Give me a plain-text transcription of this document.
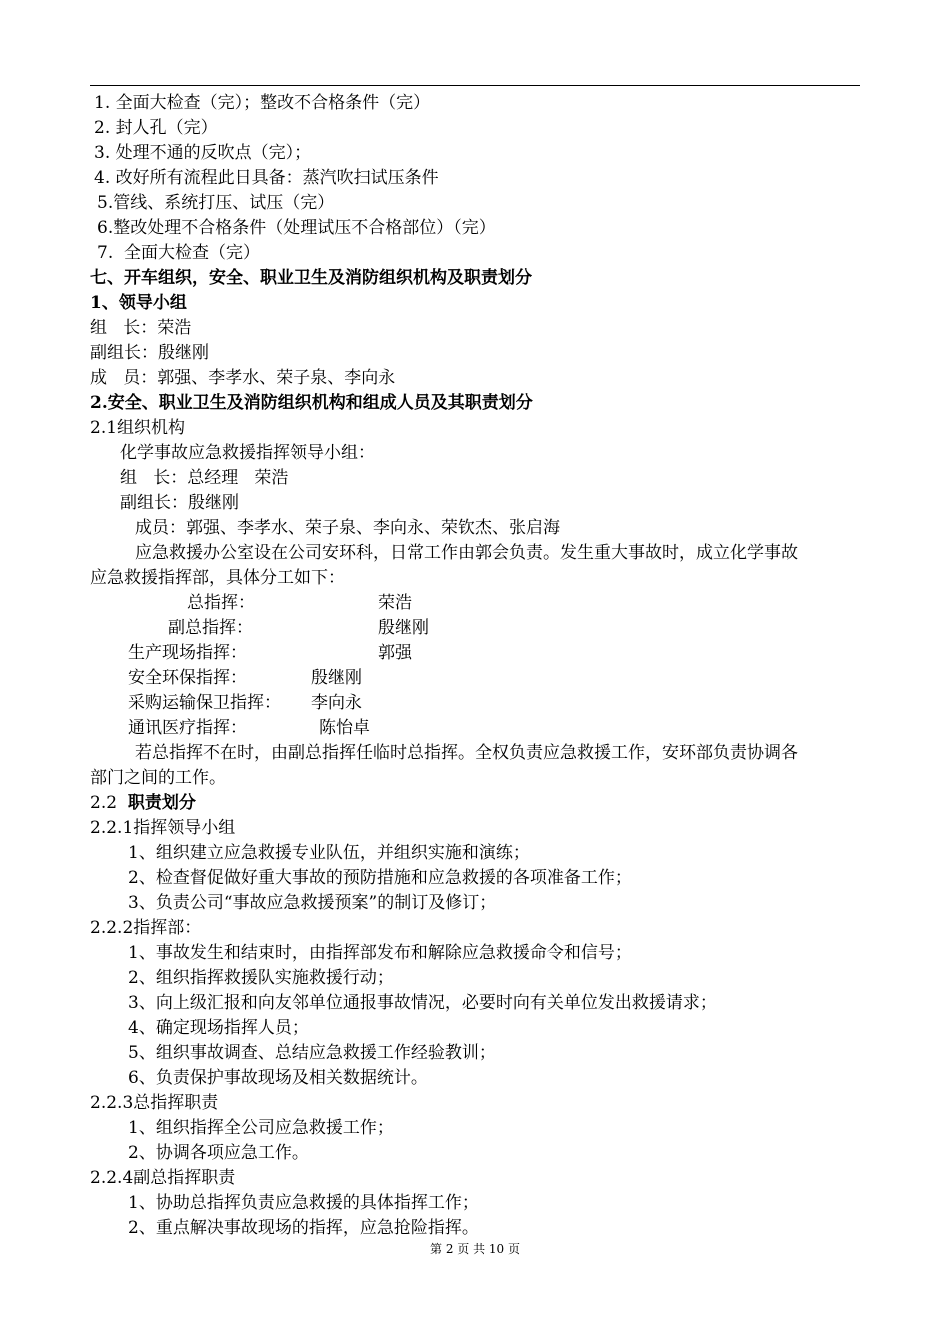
1. 全面大检查（完）；整改不合格条件（完）
2. 封人孔（完）
3. 处理不通的反吹点（完）；
4. 改好所有流程此日具备：蒸汽吹扫试压条件
5.管线、系统打压、试压（完）
6.整改处理不合格条件（处理试压不合格部位）（完）
7.  全面大检查（完）
七、开车组织，安全、职业卫生及消防组织机构及职责划分
1、领导小组
组   长：荣浩
副组长：殷继刚
成   员：郭强、李孝水、荣子泉、李向永
2.安全、职业卫生及消防组织机构和组成人员及其职责划分
2.1组织机构
化学事故应急救援指挥领导小组：
组   长：总经理   荣浩
副组长：殷继刚
成员：郭强、李孝水、荣子泉、李向永、荣钦杰、张启海
应急救援办公室设在公司安环科，日常工作由郭会负责。发生重大事故时，成立化学事故
应急救援指挥部，具体分工如下：
总指挥：	荣浩
副总指挥：	殷继刚
生产现场指挥：	郭强
安全环保指挥：	殷继刚
采购运输保卫指挥： 李向永
通讯医疗指挥：	陈怡卓
若总指挥不在时，由副总指挥任临时总指挥。全权负责应急救援工作，安环部负责协调各
部门之间的工作。
2.2 职责划分
2.2.1指挥领导小组
1、组织建立应急救援专业队伍，并组织实施和演练；
2、检查督促做好重大事故的预防措施和应急救援的各项准备工作；
3、负责公司“事故应急救援预案”的制订及修订；
2.2.2指挥部：
1、事故发生和结束时，由指挥部发布和解除应急救援命令和信号；
2、组织指挥救援队实施救援行动；
3、向上级汇报和向友邻单位通报事故情况，必要时向有关单位发出救援请求；
4、确定现场指挥人员；
5、组织事故调查、总结应急救援工作经验教训；
6、负责保护事故现场及相关数据统计。
2.2.3总指挥职责
1、组织指挥全公司应急救援工作；
2、协调各项应急工作。
2.2.4副总指挥职责
1、协助总指挥负责应急救援的具体指挥工作；
2、重点解决事故现场的指挥，应急抢险指挥。
第 2 页 共 10 页
